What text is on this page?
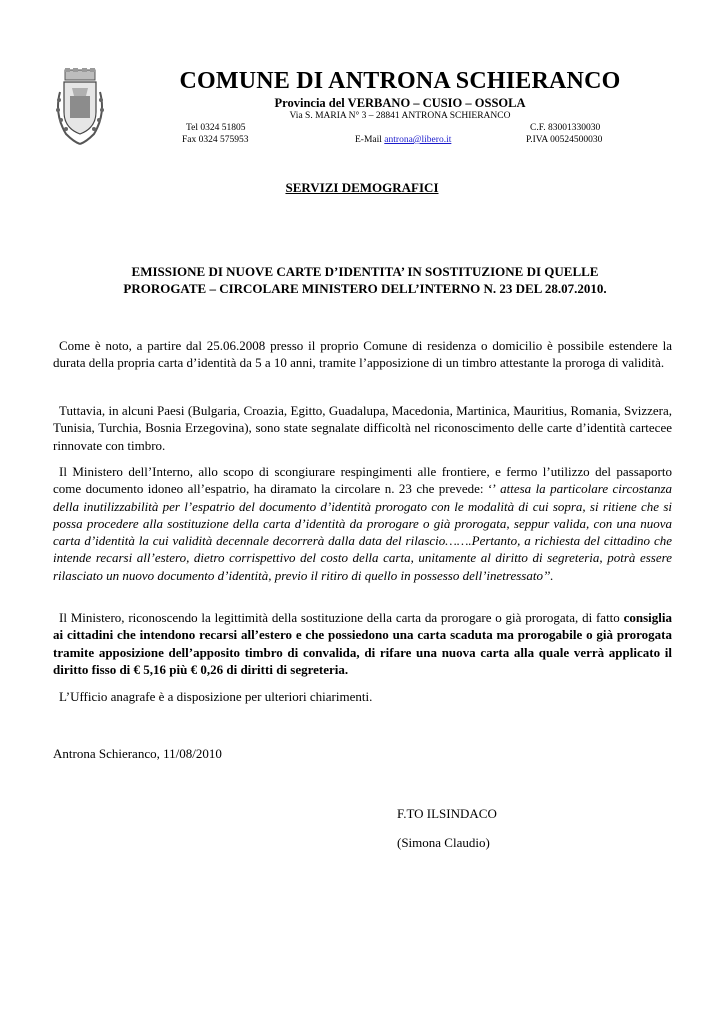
COMUNE DI ANTRONA SCHIERANCO
Provincia del VERBANO – CUSIO – OSSOLA
Via S. MARIA N° 3 – 28841 ANTRONA SCHIERANCO
Tel 0324 51805
Fax 0324 575953	E-Mail antrona@libero.it
C.F. 83001330030
P.IVA 00524500030
SERVIZI DEMOGRAFICI
EMISSIONE DI NUOVE CARTE D’IDENTITA’ IN SOSTITUZIONE DI QUELLE
PROROGATE – CIRCOLARE MINISTERO DELL’INTERNO N. 23 DEL 28.07.2010.
Come è noto, a partire dal 25.06.2008 presso il proprio Comune di residenza o domicilio è possibile estendere la durata della propria carta d’identità da 5 a 10 anni, tramite l’apposizione di un timbro attestante la proroga di validità.
Tuttavia, in alcuni Paesi (Bulgaria, Croazia, Egitto, Guadalupa, Macedonia, Martinica, Mauritius, Romania, Svizzera, Tunisia, Turchia, Bosnia Erzegovina), sono state segnalate difficoltà nel riconoscimento delle carte d’identità cartecee rinnovate con timbro.
Il Ministero dell’Interno, allo scopo di scongiurare respingimenti alle frontiere, e fermo l’utilizzo del passaporto come documento idoneo all’espatrio, ha diramato la circolare n. 23 che prevede: ‘’ attesa la particolare circostanza della inutilizzabilità per l’espatrio del documento d’identità prorogato con le modalità di cui sopra, si ritiene che si possa procedere alla sostituzione della carta d’identità da prorogare o già prorogata, seppur valida, con una nuova carta d’identità la cui validità decennale decorrerà dalla data del rilascio…….Pertanto, a richiesta del cittadino che intende recarsi all’estero, dietro corrispettivo del costo della carta, unitamente al diritto di segreteria, potrà essere rilasciato un nuovo documento d’identità, previo il ritiro di quello in possesso dell’inetressato’’.
Il Ministero, riconoscendo la legittimità della sostituzione della carta da prorogare o già prorogata, di fatto consiglia ai cittadini che intendono recarsi all’estero e che possiedono una carta scaduta ma prorogabile o già prorogata tramite apposizione dell’apposito timbro di convalida, di rifare una nuova carta alla quale verrà applicato il diritto fisso di € 5,16 più € 0,26 di diritti di segreteria.
L’Ufficio anagrafe è a disposizione per ulteriori chiarimenti.
Antrona Schieranco, 11/08/2010
F.TO ILSINDACO
(Simona Claudio)
